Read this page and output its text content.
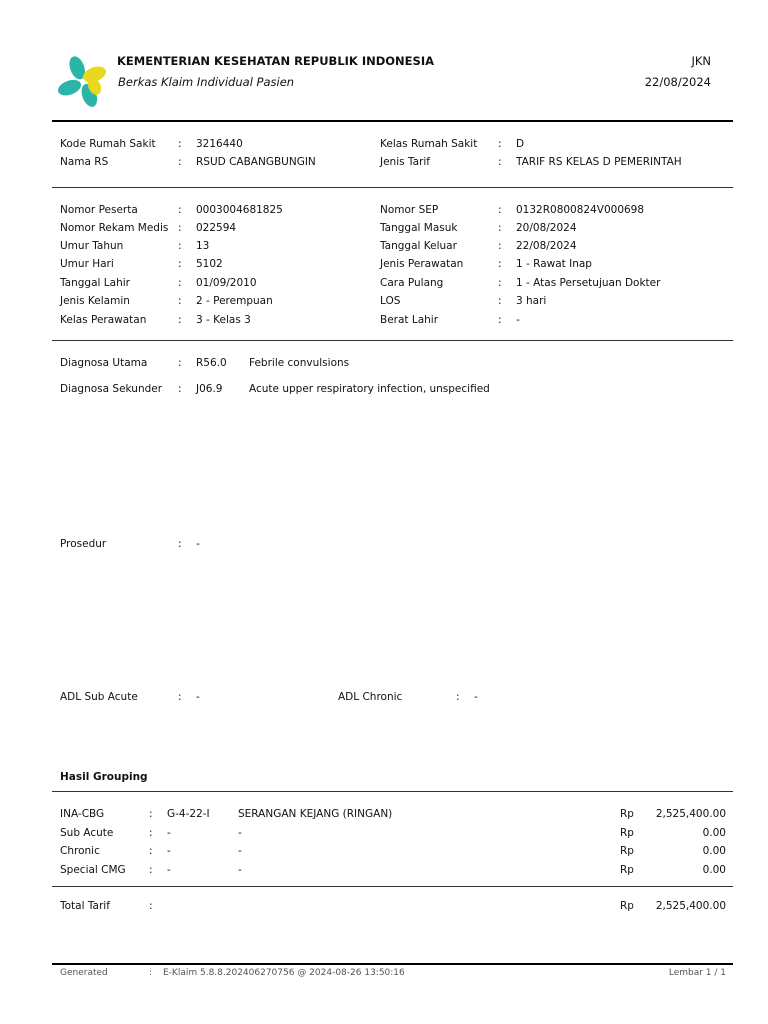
KEMENTERIAN KESEHATAN REPUBLIK INDONESIA
Berkas Klaim Individual Pasien
JKN
22/08/2024
Kode Rumah Sakit : 3216440	Kelas Rumah Sakit : D
Nama RS	: RSUD CABANGBUNGIN	Jenis Tarif	: TARIF RS KELAS D PEMERINTAH
Nomor Peserta	: 0003004681825	Nomor SEP	: 0132R0800824V000698
Nomor Rekam Medis : 022594	Tanggal Masuk	: 20/08/2024
Umur Tahun	: 13	Tanggal Keluar	: 22/08/2024
Umur Hari	: 5102	Jenis Perawatan	: 1 - Rawat Inap
Tanggal Lahir	: 01/09/2010	Cara Pulang	: 1 - Atas Persetujuan Dokter
Jenis Kelamin	: 2 - Perempuan	LOS	: 3 hari
Kelas Perawatan	: 3 - Kelas 3	Berat Lahir	: -
Diagnosa Utama	: R56.0 Febrile convulsions
Diagnosa Sekunder : J06.9	Acute upper respiratory infection, unspecified
Prosedur	: -
ADL Sub Acute	: -	ADL Chronic	: -
Hasil Grouping
INA-CBG	: G-4-22-I	SERANGAN KEJANG (RINGAN)	Rp 2,525,400.00
Sub Acute	: -	-	Rp	0.00
Chronic	: -	-	Rp	0.00
Special CMG : -	-	Rp	0.00
Total Tarif	:	Rp 2,525,400.00
Generated	: E-Klaim 5.8.8.202406270756 @ 2024-08-26 13:50:16	Lembar 1 / 1
